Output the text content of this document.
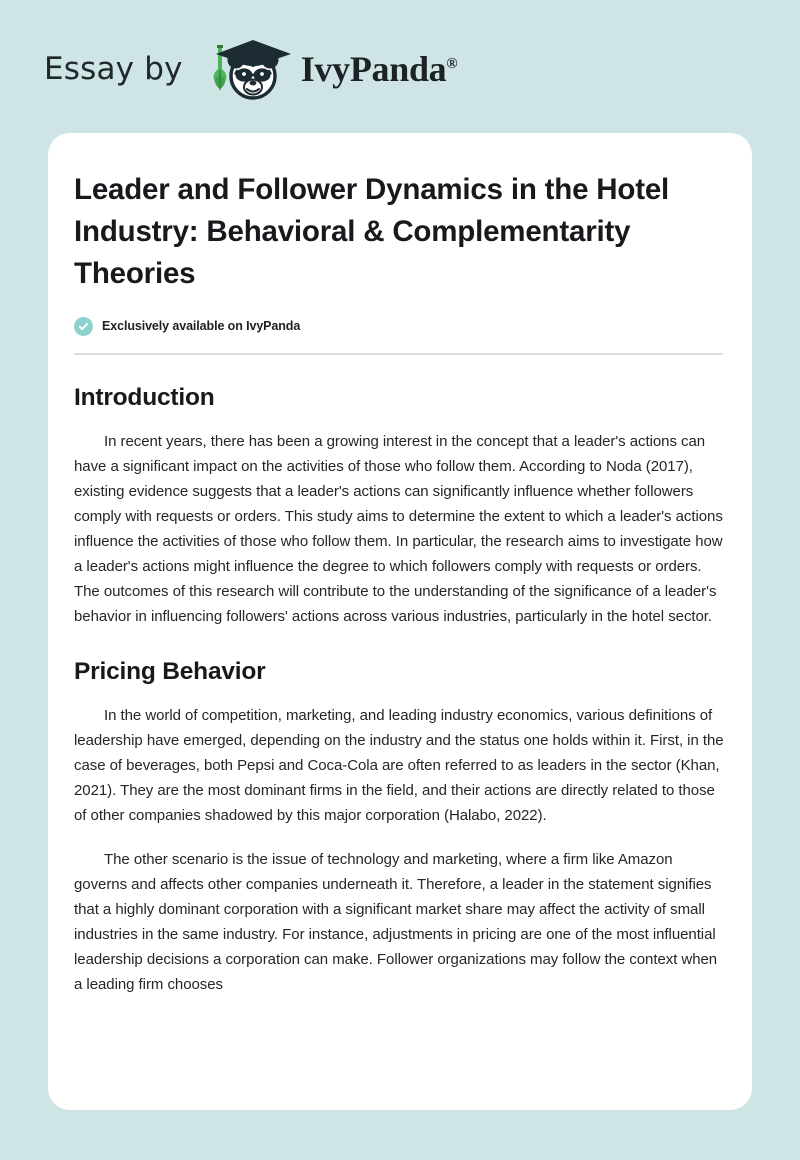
Essay by	IvyPanda®
Leader and Follower Dynamics in the Hotel Industry: Behavioral & Complementarity Theories
Exclusively available on IvyPanda
Introduction

In recent years, there has been a growing interest in the concept that a leader's actions can have a significant impact on the activities of those who follow them. According to Noda (2017), existing evidence suggests that a leader's actions can significantly influence whether followers comply with requests or orders. This study aims to determine the extent to which a leader's actions influence the activities of those who follow them. In particular, the research aims to investigate how a leader's actions might influence the degree to which followers comply with requests or orders. The outcomes of this research will contribute to the understanding of the significance of a leader's behavior in influencing followers' actions across various industries, particularly in the hotel sector.

Pricing Behavior

In the world of competition, marketing, and leading industry economics, various definitions of leadership have emerged, depending on the industry and the status one holds within it. First, in the case of beverages, both Pepsi and Coca-Cola are often referred to as leaders in the sector (Khan, 2021). They are the most dominant firms in the field, and their actions are directly related to those of other companies shadowed by this major corporation (Halabo, 2022).

The other scenario is the issue of technology and marketing, where a firm like Amazon governs and affects other companies underneath it. Therefore, a leader in the statement signifies that a highly dominant corporation with a significant market share may affect the activity of small industries in the same industry. For instance, adjustments in pricing are one of the most influential leadership decisions a corporation can make. Follower organizations may follow the context when a leading firm chooses
